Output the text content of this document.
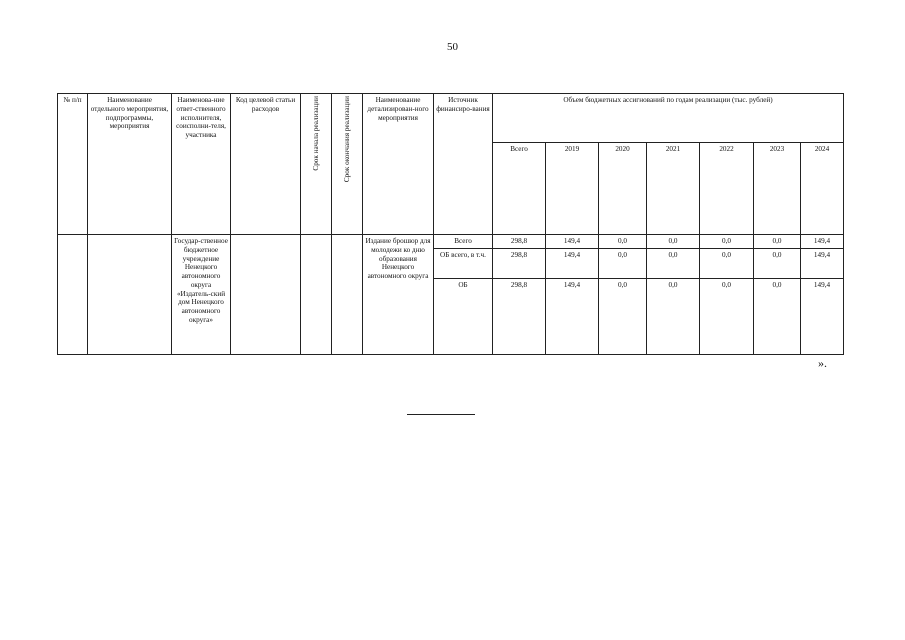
50
№ п/п	Наименование отдельного мероприятия, подпрограммы, мероприятия	Наименова-ние ответ-ственного исполнителя, соисполни-теля, участника	Код целевой статьи расходов	Срок начала реализации	Срок окончания реализации	Наименование детализирован-ного мероприятия	Источник финансиро-вания	Объем бюджетных ассигнований по годам реализации (тыс. рублей)						
								Всего	2019	2020	2021	2022	2023	2024
		Государ-ственное бюджетное учреждение Ненецкого автономного округа «Издатель-ский дом Ненецкого автономного округа»				Издание брошюр для молодежи ко дню образования Ненецкого автономного округа	Всего	298,8	149,4	0,0	0,0	0,0	0,0	149,4
							ОБ всего, в т.ч.	298,8	149,4	0,0	0,0	0,0	0,0	149,4
							ОБ	298,8	149,4	0,0	0,0	0,0	0,0	149,4
».
